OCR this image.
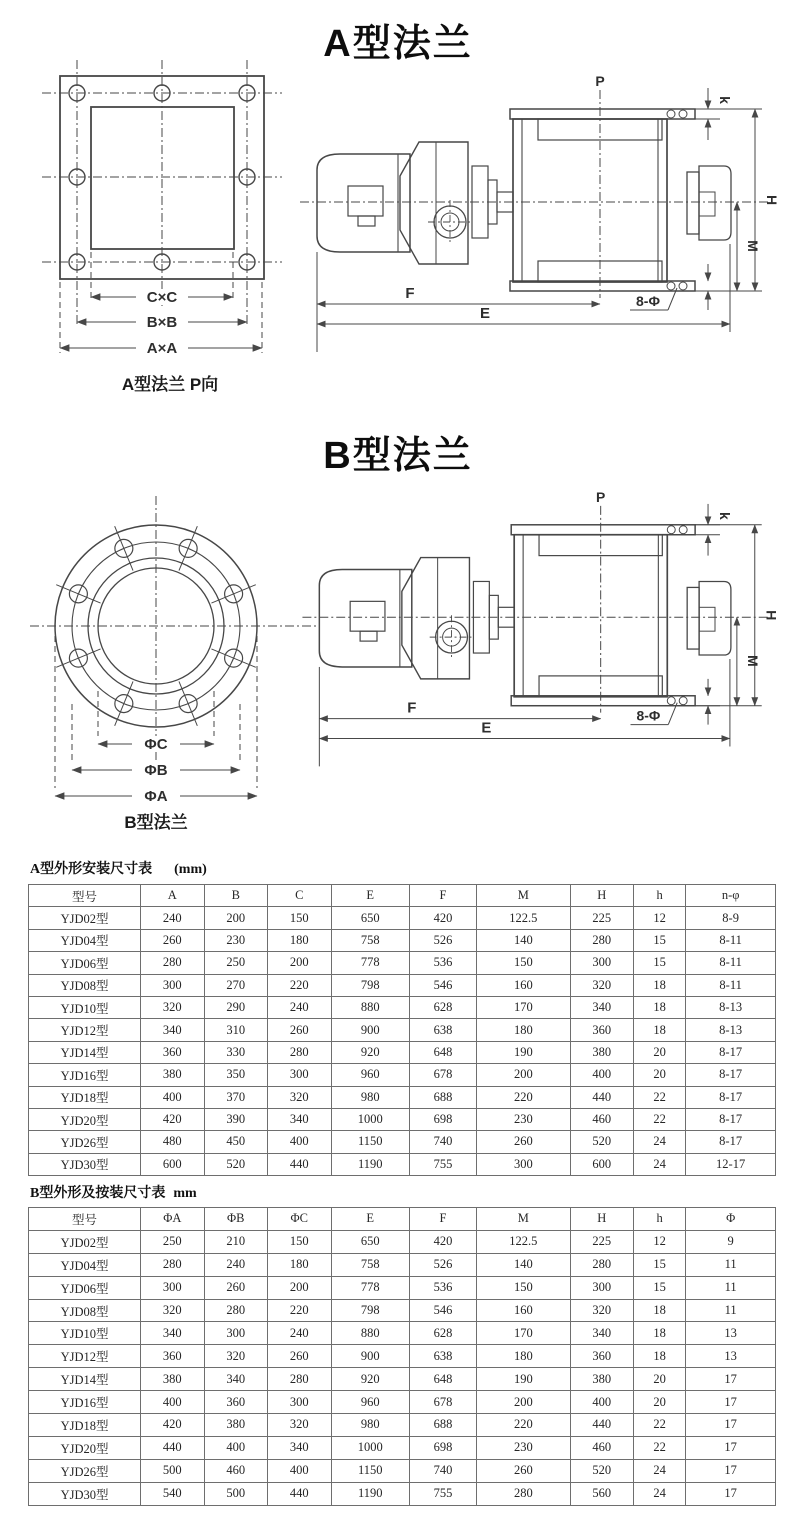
A型法兰
C×C
B×B
A×A
A型法兰 P向
P
k
H
M
F
E
8-Φ
B型法兰
ΦC
ΦB
ΦA
B型法兰
P
k
H
M
F
E
8-Φ
A型外形安装尺寸表 (mm)
型号	A	B	C	E	F	M	H	h	n-φ
YJD02型	240	200	150	650	420	122.5	225	12	8-9
YJD04型	260	230	180	758	526	140	280	15	8-11
YJD06型	280	250	200	778	536	150	300	15	8-11
YJD08型	300	270	220	798	546	160	320	18	8-11
YJD10型	320	290	240	880	628	170	340	18	8-13
YJD12型	340	310	260	900	638	180	360	18	8-13
YJD14型	360	330	280	920	648	190	380	20	8-17
YJD16型	380	350	300	960	678	200	400	20	8-17
YJD18型	400	370	320	980	688	220	440	22	8-17
YJD20型	420	390	340	1000	698	230	460	22	8-17
YJD26型	480	450	400	1150	740	260	520	24	8-17
YJD30型	600	520	440	1190	755	300	600	24	12-17
B型外形及按装尺寸表 mm
型号	ΦA	ΦB	ΦC	E	F	M	H	h	Φ
YJD02型	250	210	150	650	420	122.5	225	12	9
YJD04型	280	240	180	758	526	140	280	15	11
YJD06型	300	260	200	778	536	150	300	15	11
YJD08型	320	280	220	798	546	160	320	18	11
YJD10型	340	300	240	880	628	170	340	18	13
YJD12型	360	320	260	900	638	180	360	18	13
YJD14型	380	340	280	920	648	190	380	20	17
YJD16型	400	360	300	960	678	200	400	20	17
YJD18型	420	380	320	980	688	220	440	22	17
YJD20型	440	400	340	1000	698	230	460	22	17
YJD26型	500	460	400	1150	740	260	520	24	17
YJD30型	540	500	440	1190	755	280	560	24	17
